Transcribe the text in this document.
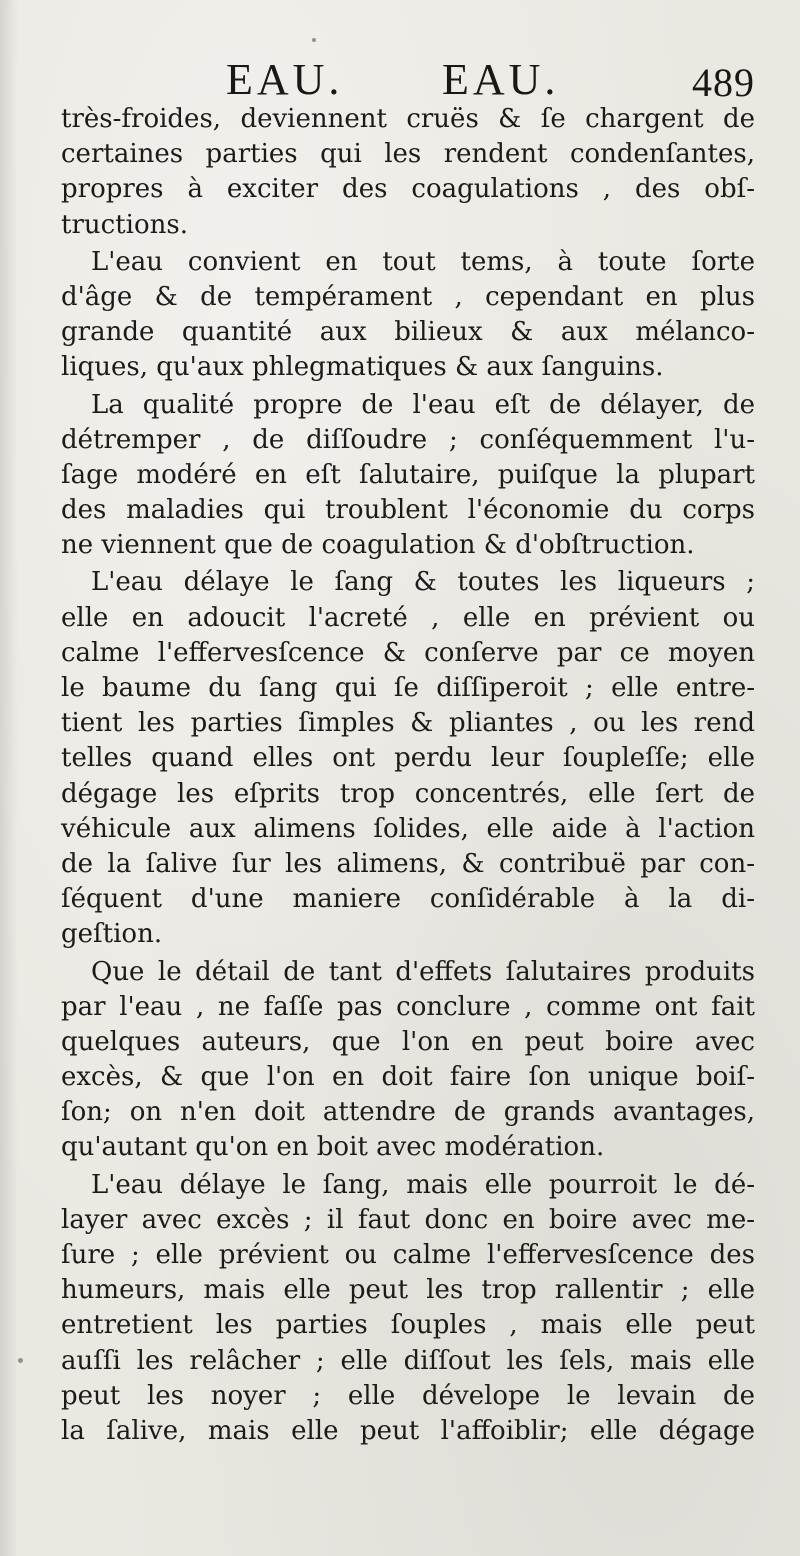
EAU. EAU.	489
très-froides, deviennent cruës & ſe chargent de
certaines parties qui les rendent condenſantes,
propres à exciter des coagulations , des obſ-
tructions.
L'eau convient en tout tems, à toute ſorte
d'âge & de tempérament , cependant en plus
grande quantité aux bilieux & aux mélanco-
liques, qu'aux phlegmatiques & aux ſanguins.
La qualité propre de l'eau eſt de délayer, de
détremper , de diſſoudre ; conſéquemment l'u-
ſage modéré en eſt ſalutaire, puiſque la plupart
des maladies qui troublent l'économie du corps
ne viennent que de coagulation & d'obſtruction.
L'eau délaye le ſang & toutes les liqueurs ;
elle en adoucit l'acreté , elle en prévient ou
calme l'effervesſcence & conſerve par ce moyen
le baume du ſang qui ſe diſſiperoit ; elle entre-
tient les parties ſimples & pliantes , ou les rend
telles quand elles ont perdu leur ſoupleſſe; elle
dégage les eſprits trop concentrés, elle ſert de
véhicule aux alimens ſolides, elle aide à l'action
de la ſalive ſur les alimens, & contribuë par con-
ſéquent d'une maniere conſidérable à la di-
geſtion.
Que le détail de tant d'effets ſalutaires produits
par l'eau , ne faſſe pas conclure , comme ont fait
quelques auteurs, que l'on en peut boire avec
excès, & que l'on en doit faire ſon unique boiſ-
ſon; on n'en doit attendre de grands avantages,
qu'autant qu'on en boit avec modération.
L'eau délaye le ſang, mais elle pourroit le dé-
layer avec excès ; il faut donc en boire avec me-
ſure ; elle prévient ou calme l'effervesſcence des
humeurs, mais elle peut les trop rallentir ; elle
entretient les parties ſouples , mais elle peut
auſſi les relâcher ; elle diſſout les ſels, mais elle
peut les noyer ; elle dévelope le levain de
la ſalive, mais elle peut l'affoiblir; elle dégage
